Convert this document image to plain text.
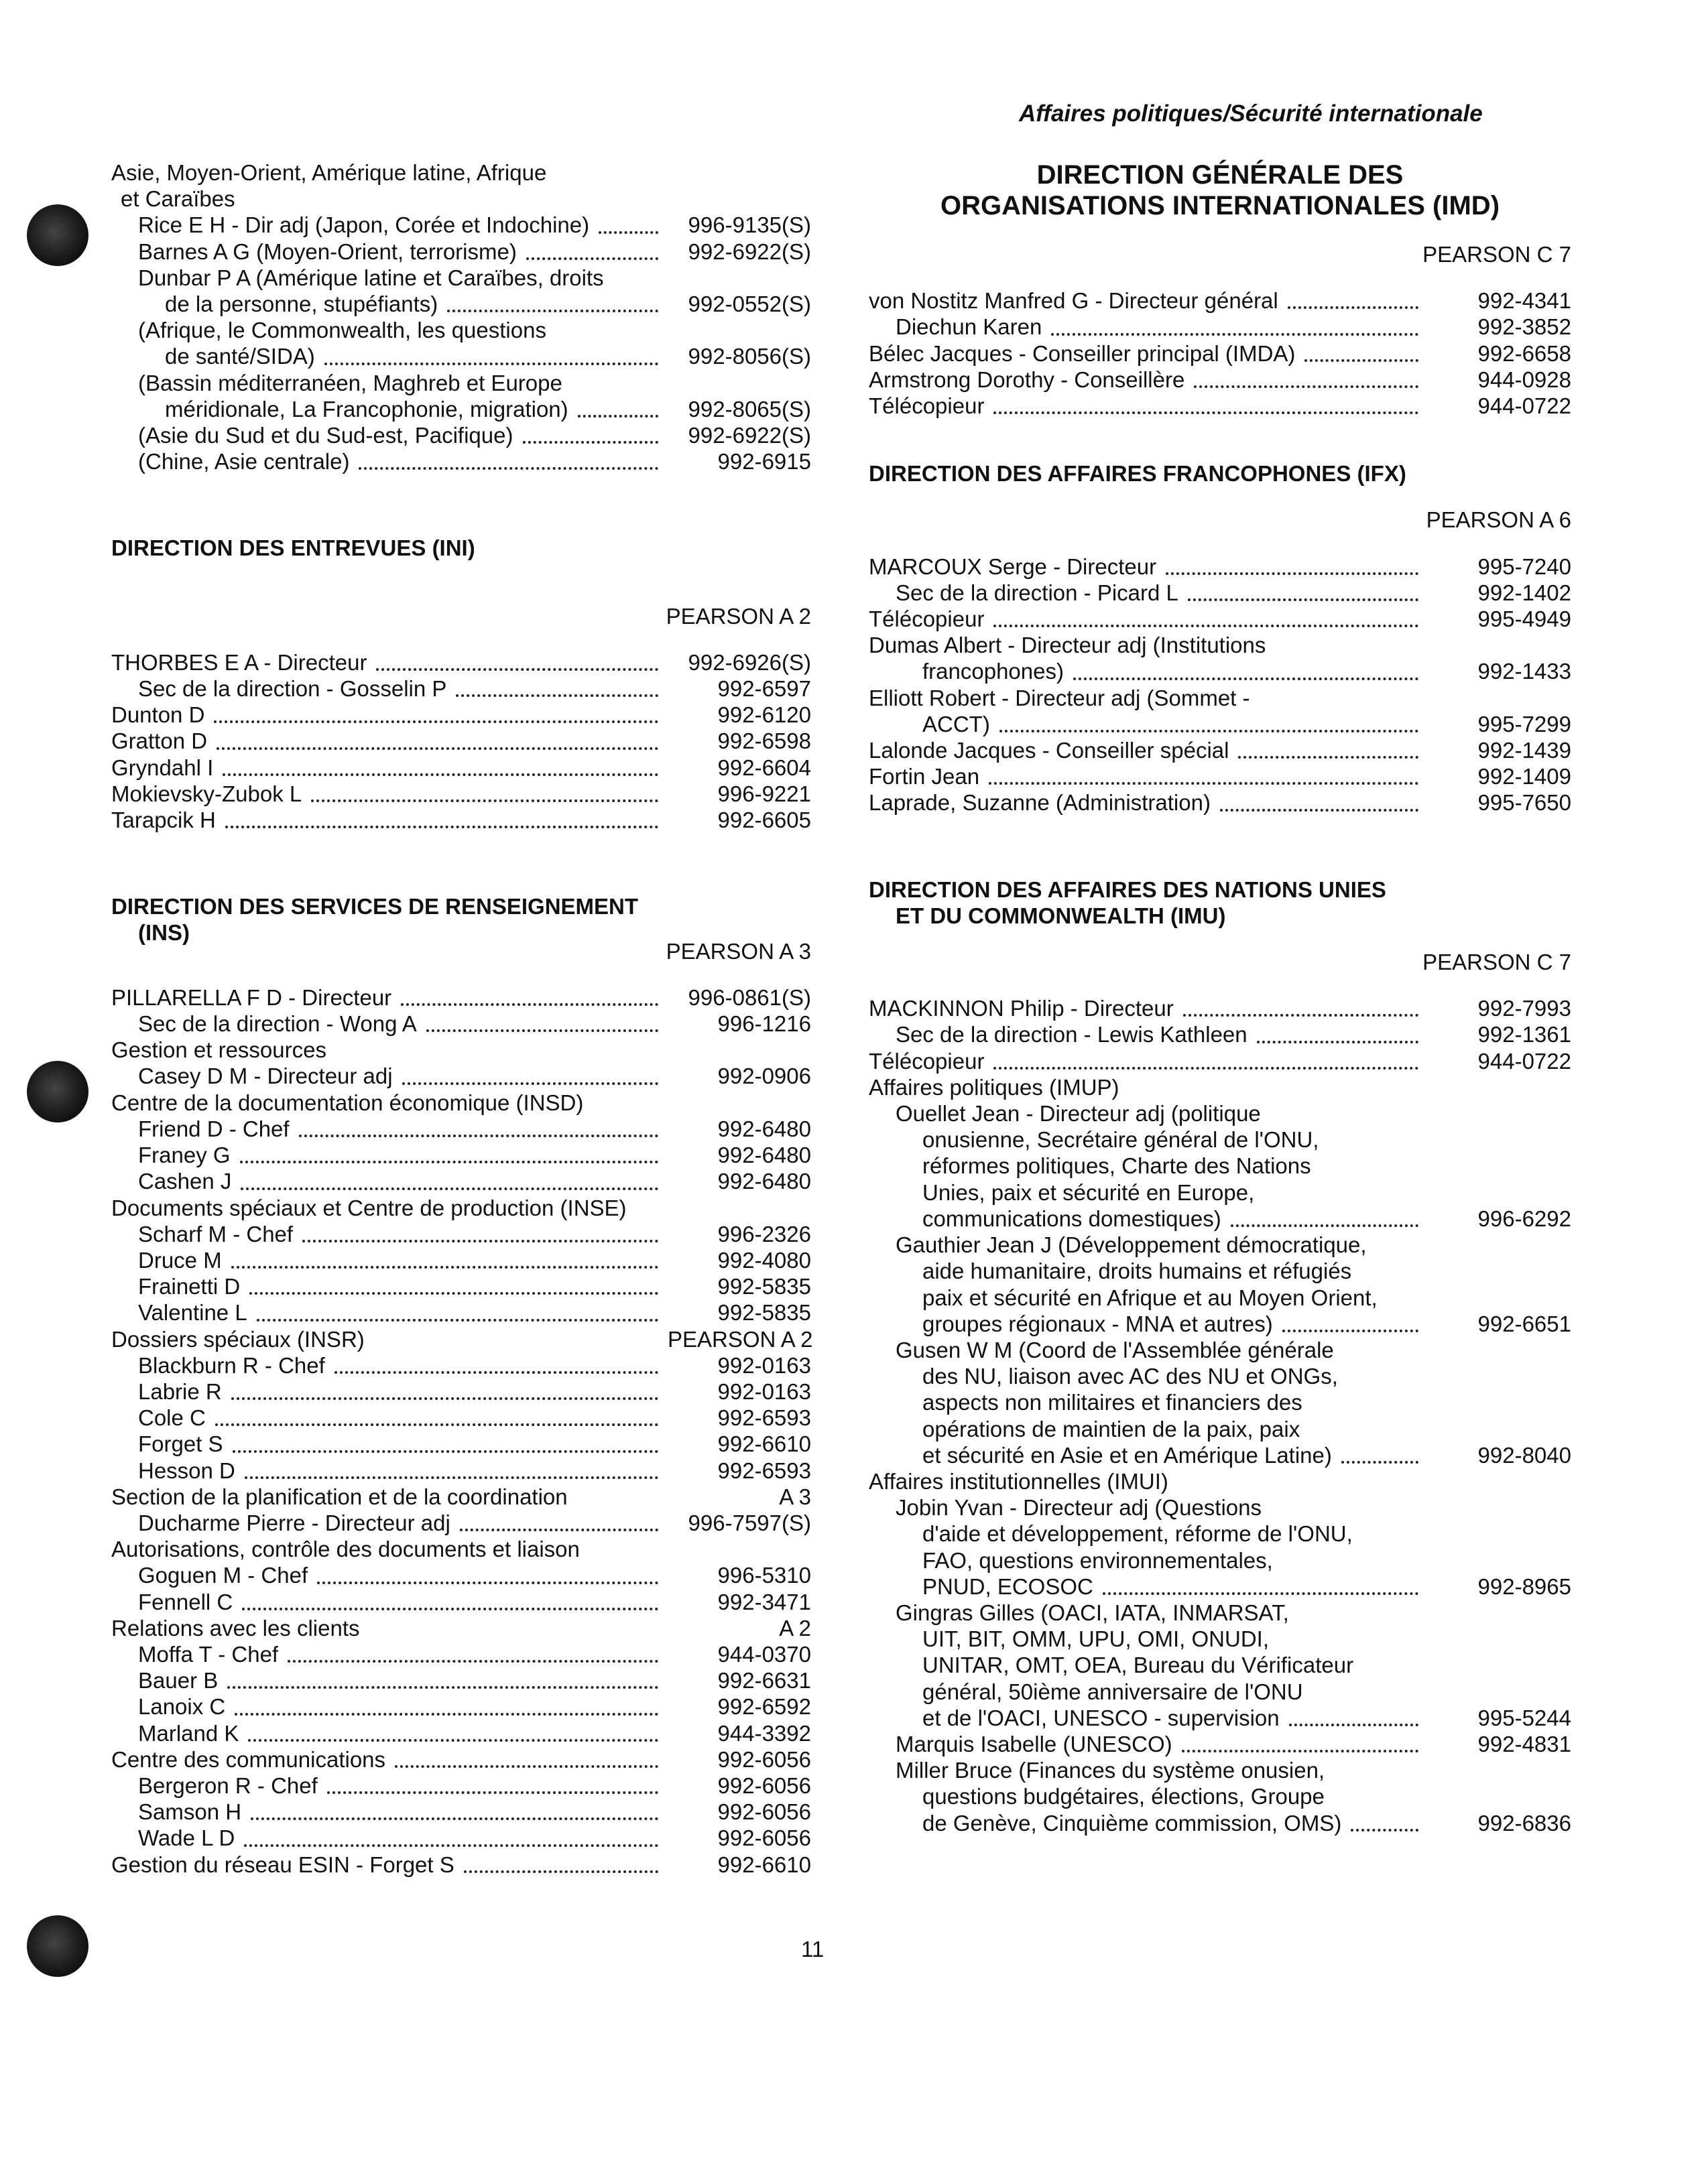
Affaires politiques/Sécurité internationale
Asie, Moyen-Orient, Amérique latine, Afrique
et Caraïbes
Rice E H - Dir adj (Japon, Corée et Indochine)	996-9135(S)
Barnes A G (Moyen-Orient, terrorisme)	992-6922(S)
Dunbar P A (Amérique latine et Caraïbes, droits
de la personne, stupéfiants)	992-0552(S)
(Afrique, le Commonwealth, les questions
de santé/SIDA)	992-8056(S)
(Bassin méditerranéen, Maghreb et Europe
méridionale, La Francophonie, migration)	992-8065(S)
(Asie du Sud et du Sud-est, Pacifique)	992-6922(S)
(Chine, Asie centrale)	992-6915
DIRECTION DES ENTREVUES (INI)
PEARSON A 2
THORBES E A - Directeur	992-6926(S)
Sec de la direction - Gosselin P	992-6597
Dunton D	992-6120
Gratton D	992-6598
Gryndahl I	992-6604
Mokievsky-Zubok L	996-9221
Tarapcik H	992-6605
DIRECTION DES SERVICES DE RENSEIGNEMENT
(INS)
PEARSON A 3
PILLARELLA F D - Directeur	996-0861(S)
Sec de la direction - Wong A	996-1216
Gestion et ressources
Casey D M - Directeur adj	992-0906
Centre de la documentation économique (INSD)
Friend D - Chef	992-6480
Franey G	992-6480
Cashen J	992-6480
Documents spéciaux et Centre de production (INSE)
Scharf M - Chef	996-2326
Druce M	992-4080
Frainetti D	992-5835
Valentine L	992-5835
Dossiers spéciaux (INSR)	PEARSON A 2
Blackburn R - Chef	992-0163
Labrie R	992-0163
Cole C	992-6593
Forget S	992-6610
Hesson D	992-6593
Section de la planification et de la coordination	A 3
Ducharme Pierre - Directeur adj	996-7597(S)
Autorisations, contrôle des documents et liaison
Goguen M - Chef	996-5310
Fennell C	992-3471
Relations avec les clients	A 2
Moffa T - Chef	944-0370
Bauer B	992-6631
Lanoix C	992-6592
Marland K	944-3392
Centre des communications	992-6056
Bergeron R - Chef	992-6056
Samson H	992-6056
Wade L D	992-6056
Gestion du réseau ESIN - Forget S	992-6610
DIRECTION GÉNÉRALE DES
ORGANISATIONS INTERNATIONALES (IMD)
PEARSON C 7
von Nostitz Manfred G - Directeur général	992-4341
Diechun Karen	992-3852
Bélec Jacques - Conseiller principal (IMDA)	992-6658
Armstrong Dorothy - Conseillère	944-0928
Télécopieur	944-0722
DIRECTION DES AFFAIRES FRANCOPHONES (IFX)
PEARSON A 6
MARCOUX Serge - Directeur	995-7240
Sec de la direction - Picard L	992-1402
Télécopieur	995-4949
Dumas Albert - Directeur adj (Institutions
francophones)	992-1433
Elliott Robert - Directeur adj (Sommet -
ACCT)	995-7299
Lalonde Jacques - Conseiller spécial	992-1439
Fortin Jean	992-1409
Laprade, Suzanne (Administration)	995-7650
DIRECTION DES AFFAIRES DES NATIONS UNIES
ET DU COMMONWEALTH (IMU)
PEARSON C 7
MACKINNON Philip - Directeur	992-7993
Sec de la direction - Lewis Kathleen	992-1361
Télécopieur	944-0722
Affaires politiques (IMUP)
Ouellet Jean - Directeur adj (politique
onusienne, Secrétaire général de l'ONU,
réformes politiques, Charte des Nations
Unies, paix et sécurité en Europe,
communications domestiques)	996-6292
Gauthier Jean J (Développement démocratique,
aide humanitaire, droits humains et réfugiés
paix et sécurité en Afrique et au Moyen Orient,
groupes régionaux - MNA et autres)	992-6651
Gusen W M (Coord de l'Assemblée générale
des NU, liaison avec AC des NU et ONGs,
aspects non militaires et financiers des
opérations de maintien de la paix, paix
et sécurité en Asie et en Amérique Latine)	992-8040
Affaires institutionnelles (IMUI)
Jobin Yvan - Directeur adj (Questions
d'aide et développement, réforme de l'ONU,
FAO, questions environnementales,
PNUD, ECOSOC	992-8965
Gingras Gilles (OACI, IATA, INMARSAT,
UIT, BIT, OMM, UPU, OMI, ONUDI,
UNITAR, OMT, OEA, Bureau du Vérificateur
général, 50ième anniversaire de l'ONU
et de l'OACI, UNESCO - supervision	995-5244
Marquis Isabelle (UNESCO)	992-4831
Miller Bruce (Finances du système onusien,
questions budgétaires, élections, Groupe
de Genève, Cinquième commission, OMS)	992-6836
11
